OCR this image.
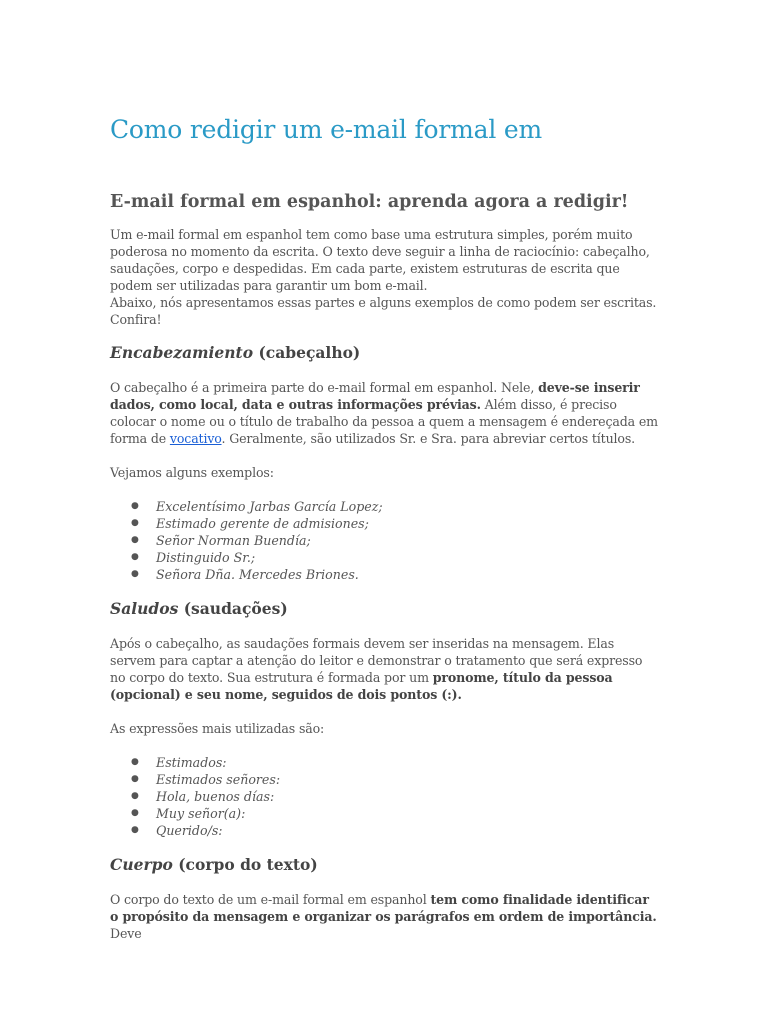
Como redigir um e-mail formal em
E-mail formal em espanhol: aprenda agora a redigir!

Um e-mail formal em espanhol tem como base uma estrutura simples, porém muito poderosa no momento da escrita. O texto deve seguir a linha de raciocínio: cabeçalho, saudações, corpo e despedidas. Em cada parte, existem estruturas de escrita que podem ser utilizadas para garantir um bom e-mail.

Abaixo, nós apresentamos essas partes e alguns exemplos de como podem ser escritas. Confira!

Encabezamiento (cabeçalho)

O cabeçalho é a primeira parte do e-mail formal em espanhol. Nele, deve-se inserir dados, como local, data e outras informações prévias. Além disso, é preciso colocar o nome ou o título de trabalho da pessoa a quem a mensagem é endereçada em forma de vocativo. Geralmente, são utilizados Sr. e Sra. para abreviar certos títulos.

Vejamos alguns exemplos:

● Excelentísimo Jarbas García Lopez;
● Estimado gerente de admisiones;
● Señor Norman Buendía;
● Distinguido Sr.;
● Señora Dña. Mercedes Briones.
Saludos (saudações)

Após o cabeçalho, as saudações formais devem ser inseridas na mensagem. Elas servem para captar a atenção do leitor e demonstrar o tratamento que será expresso no corpo do texto. Sua estrutura é formada por um pronome, título da pessoa (opcional) e seu nome, seguidos de dois pontos (:).

As expressões mais utilizadas são:

● Estimados:
● Estimados señores:
● Hola, buenos días:
● Muy señor(a):
● Querido/s:
Cuerpo (corpo do texto)

O corpo do texto de um e-mail formal em espanhol tem como finalidade identificar o propósito da mensagem e organizar os parágrafos em ordem de importância. Deve
